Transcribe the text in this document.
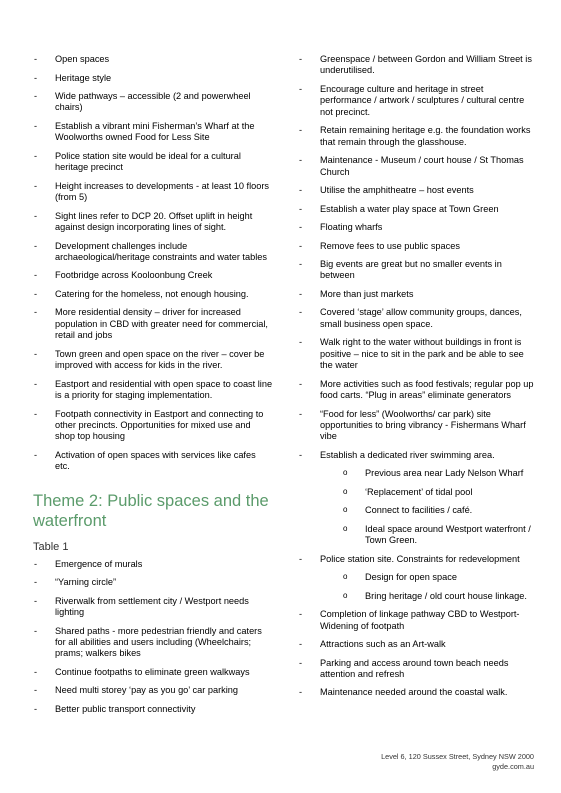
- Open spaces
- Heritage style
- Wide pathways – accessible (2 and powerwheel chairs)
- Establish a vibrant mini Fisherman’s Wharf at the Woolworths owned Food for Less Site
- Police station site would be ideal for a cultural heritage precinct
- Height increases to developments - at least 10 floors (from 5)
- Sight lines refer to DCP 20. Offset uplift in height against design incorporating lines of sight.
- Development challenges include archaeological/heritage constraints and water tables
- Footbridge across Kooloonbung Creek
- Catering for the homeless, not enough housing.
- More residential density – driver for increased population in CBD with greater need for commercial, retail and jobs
- Town green and open space on the river – cover be improved with access for kids in the river.
- Eastport and residential with open space to coast line is a priority for staging implementation.
- Footpath connectivity in Eastport and connecting to other precincts. Opportunities for mixed use and shop top housing
- Activation of open spaces with services like cafes etc.
Theme 2: Public spaces and the waterfront
Table 1
- Emergence of murals
- “Yarning circle”
- Riverwalk from settlement city / Westport needs lighting
- Shared paths - more pedestrian friendly and caters for all abilities and users including (Wheelchairs; prams; walkers bikes
- Continue footpaths to eliminate green walkways
- Need multi storey ‘pay as you go’ car parking
- Better public transport connectivity
- Greenspace / between Gordon and William Street is underutilised.
- Encourage culture and heritage in street performance / artwork / sculptures / cultural centre not precinct.
- Retain remaining heritage e.g. the foundation works that remain through the glasshouse.
- Maintenance - Museum / court house / St Thomas Church
- Utilise the amphitheatre – host events
- Establish a water play space at Town Green
- Floating wharfs
- Remove fees to use public spaces
- Big events are great but no smaller events in between
- More than just markets
- Covered ‘stage’ allow community groups, dances, small business open space.
- Walk right to the water without buildings in front is positive – nice to sit in the park and be able to see the water
- More activities such as food festivals; regular pop up food carts. “Plug in areas” eliminate generators
- “Food for less” (Woolworths/ car park) site opportunities to bring vibrancy - Fishermans Wharf vibe
- Establish a dedicated river swimming area.
o Previous area near Lady Nelson Wharf
o ‘Replacement’ of tidal pool
o Connect to facilities / café.
o Ideal space around Westport waterfront / Town Green.
- Police station site. Constraints for redevelopment
o Design for open space
o Bring heritage / old court house linkage.
- Completion of linkage pathway CBD to Westport- Widening of footpath
- Attractions such as an Art-walk
- Parking and access around town beach needs attention and refresh
- Maintenance needed around the coastal walk.
Level 6, 120 Sussex Street, Sydney NSW 2000
gyde.com.au
